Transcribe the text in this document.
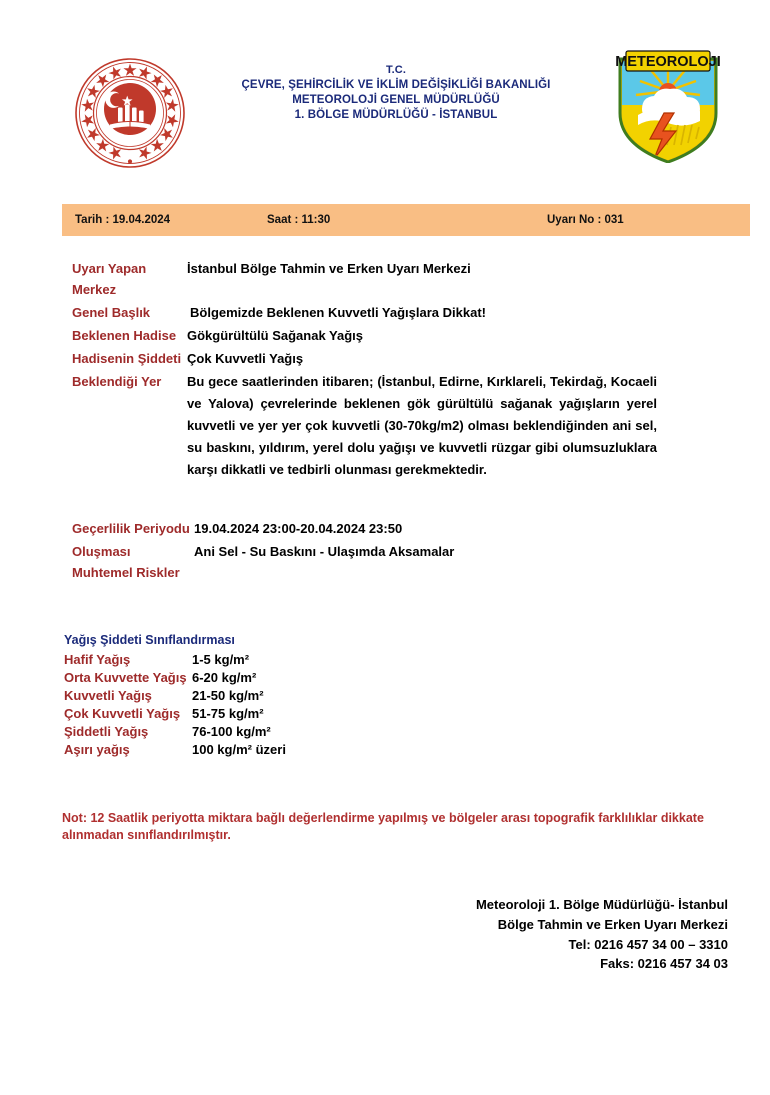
T.C.
ÇEVRE, ŞEHİRCİLİK VE İKLİM DEĞİŞİKLİĞİ BAKANLIĞI
METEOROLOJİ GENEL MÜDÜRLÜĞÜ
1. BÖLGE MÜDÜRLÜĞÜ - İSTANBUL
METEOROLOJI
Tarih : 19.04.2024	Saat : 11:30	Uyarı No : 031
Uyarı Yapan Merkez
İstanbul Bölge Tahmin ve Erken Uyarı Merkezi
Genel Başlık	Bölgemizde Beklenen Kuvvetli Yağışlara Dikkat!
Beklenen Hadise Gökgürültülü Sağanak Yağış
Hadisenin Şiddeti Çok Kuvvetli Yağış
Beklendiği Yer	Bu gece saatlerinden itibaren; (İstanbul, Edirne, Kırklareli, Tekirdağ, Kocaeli ve Yalova) çevrelerinde beklenen gök gürültülü sağanak yağışların yerel kuvvetli ve yer yer çok kuvvetli (30-70kg/m2) olması beklendiğinden ani sel, su baskını, yıldırım, yerel dolu yağışı ve kuvvetli rüzgar gibi olumsuzluklara karşı dikkatli ve tedbirli olunması gerekmektedir.
Geçerlilik Periyodu 19.04.2024 23:00-20.04.2024 23:50
Oluşması Muhtemel Riskler
Ani Sel - Su Baskını - Ulaşımda Aksamalar
Yağış Şiddeti Sınıflandırması
Hafif Yağış	1-5 kg/m²
Orta Kuvvette Yağış 6-20 kg/m²
Kuvvetli Yağış	21-50 kg/m²
Çok Kuvvetli Yağış 51-75 kg/m²
Şiddetli Yağış	76-100 kg/m²
Aşırı yağış	100 kg/m² üzeri
Not: 12 Saatlik periyotta miktara bağlı değerlendirme yapılmış ve bölgeler arası topografik farklılıklar dikkate alınmadan sınıflandırılmıştır.
Meteoroloji 1. Bölge Müdürlüğü- İstanbul
Bölge Tahmin ve Erken Uyarı Merkezi
Tel: 0216 457 34 00 – 3310
Faks: 0216 457 34 03
